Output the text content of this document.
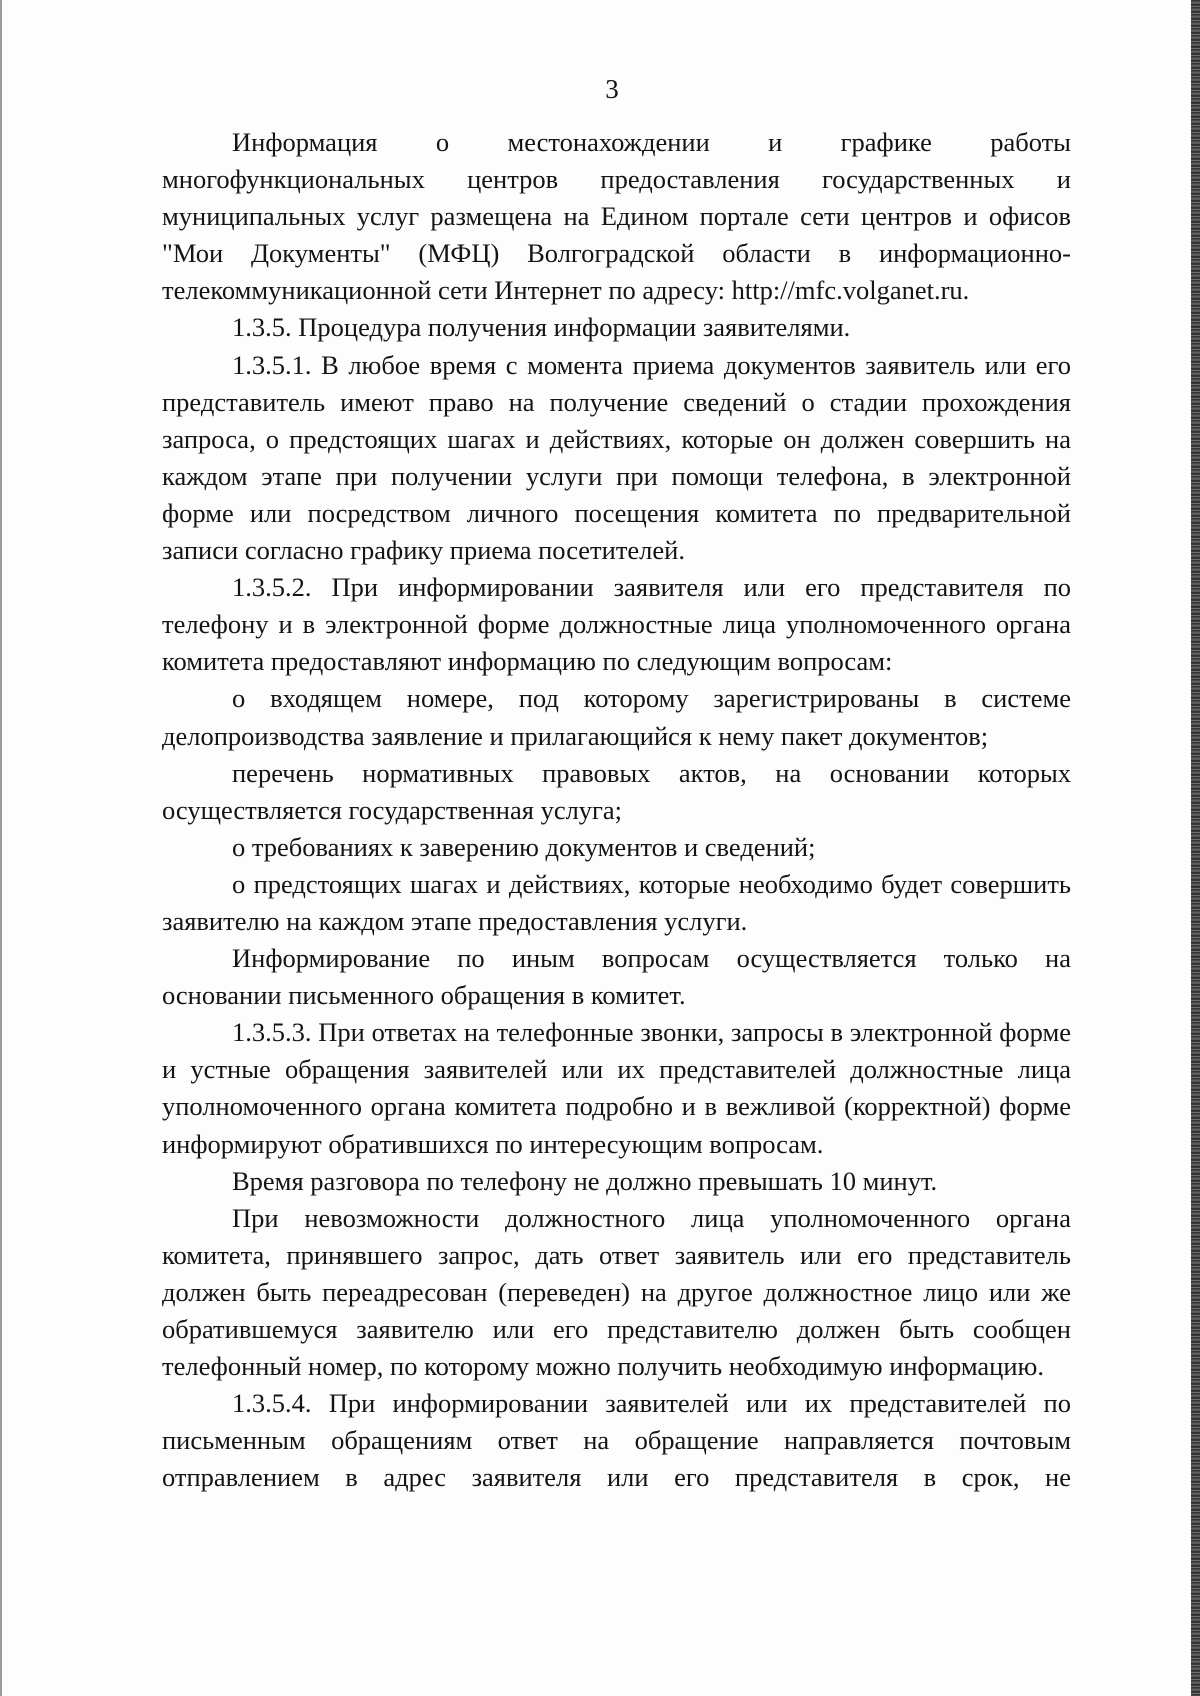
3

Информация о местонахождении и графике работы многофункциональных центров предоставления государственных и муниципальных услуг размещена на Едином портале сети центров и офисов "Мои Документы" (МФЦ) Волгоградской области в информационно-телекоммуникационной сети Интернет по адресу: http://mfc.volganet.ru.

1.3.5. Процедура получения информации заявителями.

1.3.5.1. В любое время с момента приема документов заявитель или его представитель имеют право на получение сведений о стадии прохождения запроса, о предстоящих шагах и действиях, которые он должен совершить на каждом этапе при получении услуги при помощи телефона, в электронной форме или посредством личного посещения комитета по предварительной записи согласно графику приема посетителей.

1.3.5.2. При информировании заявителя или его представителя по телефону и в электронной форме должностные лица уполномоченного органа комитета предоставляют информацию по следующим вопросам:

о входящем номере, под которому зарегистрированы в системе делопроизводства заявление и прилагающийся к нему пакет документов;

перечень нормативных правовых актов, на основании которых осуществляется государственная услуга;

о требованиях к заверению документов и сведений;

о предстоящих шагах и действиях, которые необходимо будет совершить заявителю на каждом этапе предоставления услуги.

Информирование по иным вопросам осуществляется только на основании письменного обращения в комитет.

1.3.5.3. При ответах на телефонные звонки, запросы в электронной форме и устные обращения заявителей или их представителей должностные лица уполномоченного органа комитета подробно и в вежливой (корректной) форме информируют обратившихся по интересующим вопросам.

Время разговора по телефону не должно превышать 10 минут.

При невозможности должностного лица уполномоченного органа комитета, принявшего запрос, дать ответ заявитель или его представитель должен быть переадресован (переведен) на другое должностное лицо или же обратившемуся заявителю или его представителю должен быть сообщен телефонный номер, по которому можно получить необходимую информацию.

1.3.5.4. При информировании заявителей или их представителей по письменным обращениям ответ на обращение направляется почтовым отправлением в адрес заявителя или его представителя в срок, не
